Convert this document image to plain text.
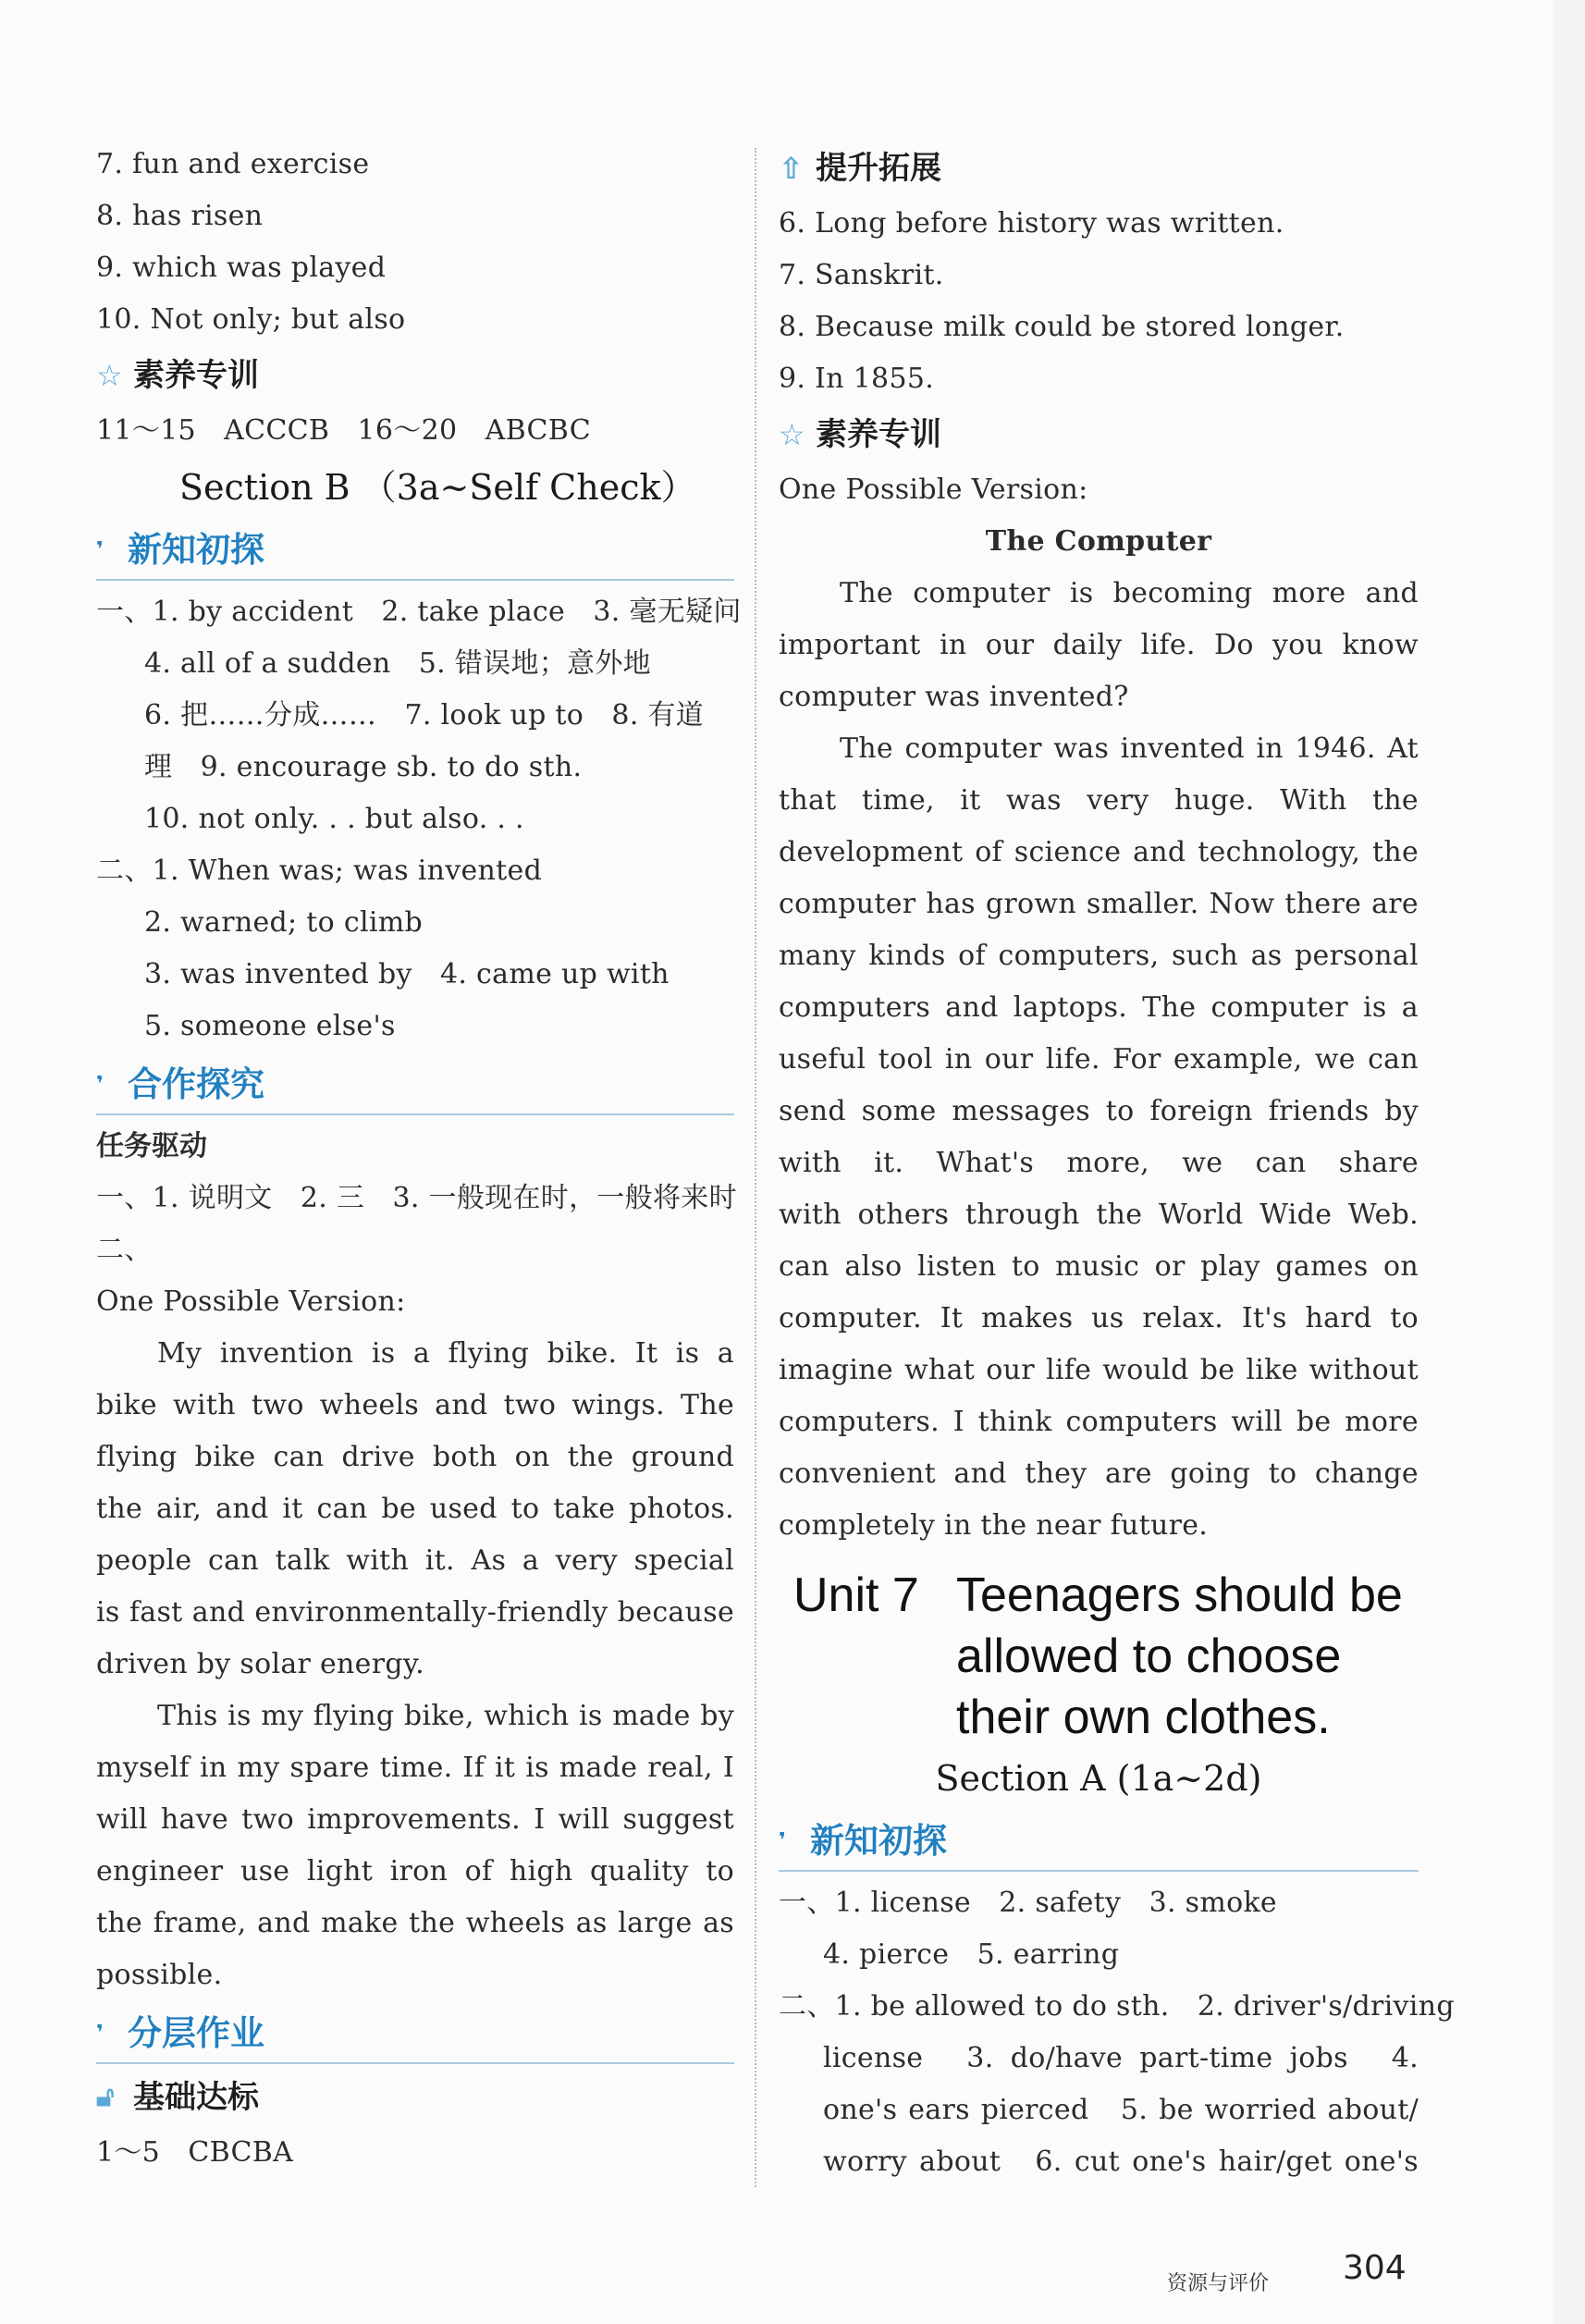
7. fun and exercise
8. has risen
9. which was played
10. Not only; but also
☆ 素养专训
11～15　ACCCB　16～20　ABCBC
Section B （3a~Self Check）
❜ 新知初探
一、1. by accident　2. take place　3. 毫无疑问
4. all of a sudden　5. 错误地；意外地
6. 把……分成……　7. look up to　8. 有道
理　9. encourage sb. to do sth.
10. not only. . . but also. . .
二、1. When was; was invented
2. warned; to climb
3. was invented by　4. came up with
5. someone else's
❜ 合作探究
任务驱动
一、1. 说明文　2. 三　3. 一般现在时，一般将来时
二、
One Possible Version:
My invention is a flying bike. It is a
bike with two wheels and two wings. The
flying bike can drive both on the ground
the air, and it can be used to take photos.
people can talk with it. As a very special
is fast and environmentally-friendly because
driven by solar energy.
This is my flying bike, which is made by
myself in my spare time. If it is made real, I
will have two improvements. I will suggest
engineer use light iron of high quality to
the frame, and make the wheels as large as
possible.
❜ 分层作业
🔓︎ 基础达标
1～5　CBCBA
⇧ 提升拓展
6. Long before history was written.
7. Sanskrit.
8. Because milk could be stored longer.
9. In 1855.
☆ 素养专训
One Possible Version:
The Computer
The computer is becoming more and
important in our daily life. Do you know
computer was invented?
The computer was invented in 1946. At
that time, it was very huge. With the
development of science and technology, the
computer has grown smaller. Now there are
many kinds of computers, such as personal
computers and laptops. The computer is a
useful tool in our life. For example, we can
send some messages to foreign friends by
with it. What's more, we can share
with others through the World Wide Web.
can also listen to music or play games on
computer. It makes us relax. It's hard to
imagine what our life would be like without
computers. I think computers will be more
convenient and they are going to change
completely in the near future.
Unit 7 Teenagers should be
allowed to choose
their own clothes.
Section A (1a~2d)
❜ 新知初探
一、1. license　2. safety　3. smoke
4. pierce　5. earring
二、1. be allowed to do sth.　2. driver's/driving
license　3. do/have part-time jobs　4.
one's ears pierced　5. be worried about/
worry about　6. cut one's hair/get one's
资源与评价 304
